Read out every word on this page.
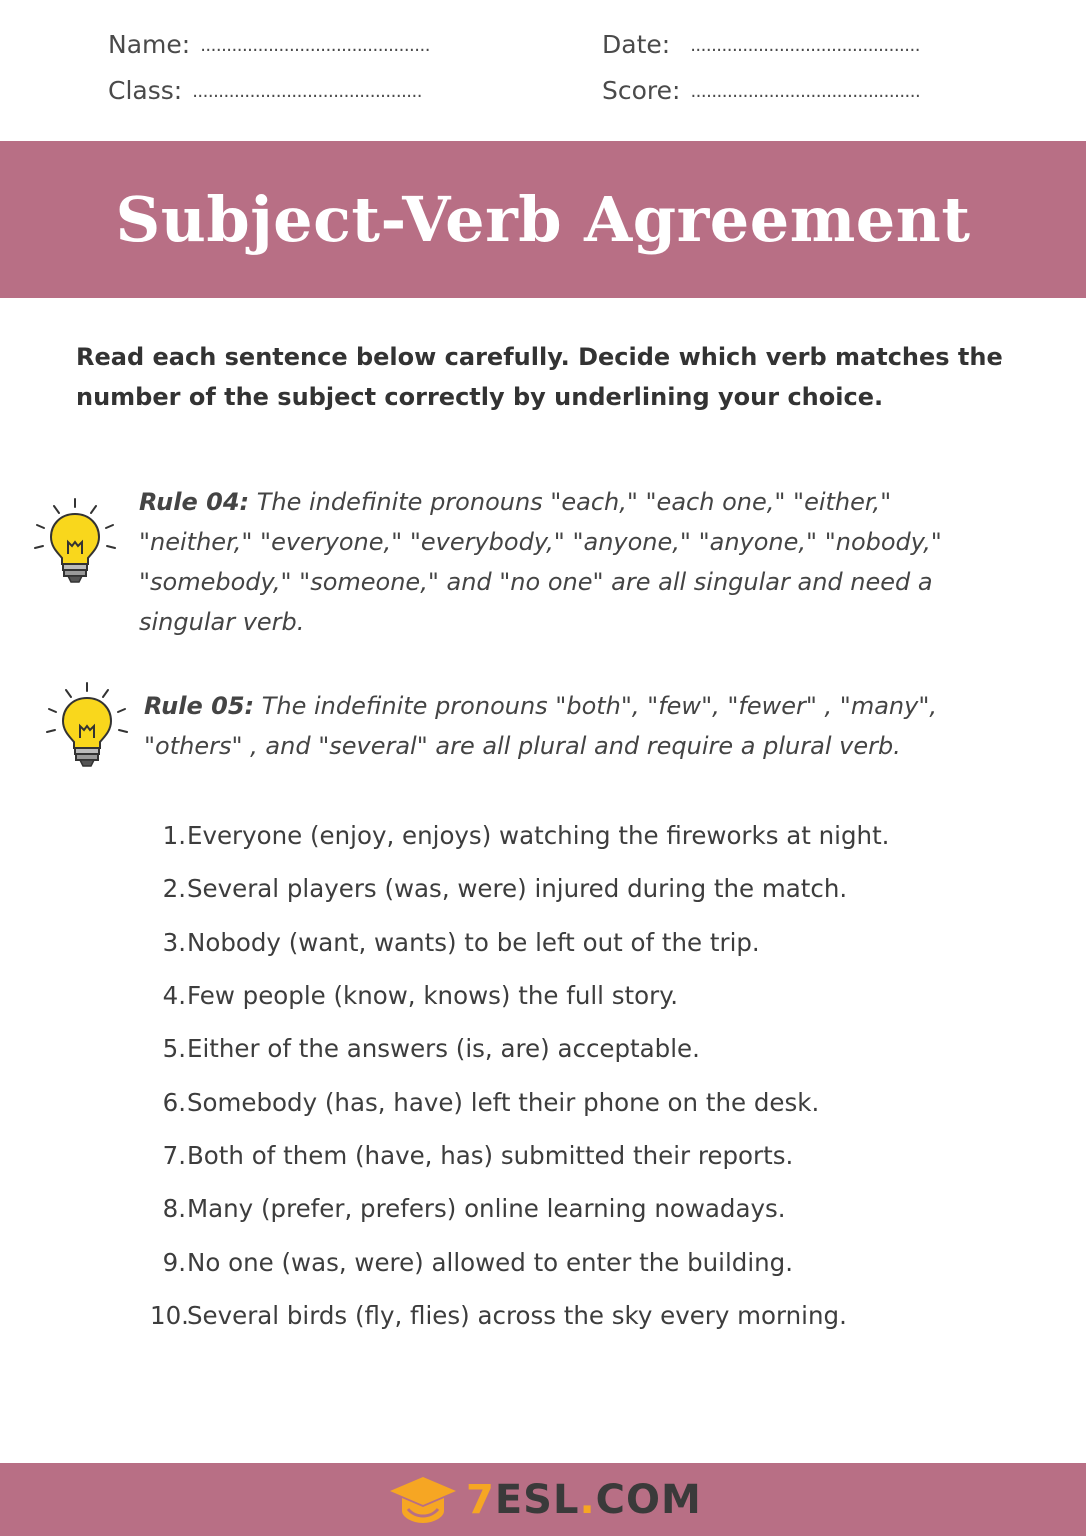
Name: ............................................
Class: ............................................
Date: ............................................
Score: ............................................
Subject-Verb Agreement
Read each sentence below carefully. Decide which verb matches the number of the subject correctly by underlining your choice.
Rule 04: The indefinite pronouns "each," "each one," "either," "neither," "everyone," "everybody," "anyone," "anyone," "nobody," "somebody," "someone," and "no one" are all singular and need a singular verb.
Rule 05: The indefinite pronouns "both", "few", "fewer" , "many", "others" , and "several" are all plural and require a plural verb.
1. Everyone (enjoy, enjoys) watching the fireworks at night.
2. Several players (was, were) injured during the match.
3. Nobody (want, wants) to be left out of the trip.
4. Few people (know, knows) the full story.
5. Either of the answers (is, are) acceptable.
6. Somebody (has, have) left their phone on the desk.
7. Both of them (have, has) submitted their reports.
8. Many (prefer, prefers) online learning nowadays.
9. No one (was, were) allowed to enter the building.
10.
Several birds (fly, flies) across the sky every morning.
7ESL.COM
